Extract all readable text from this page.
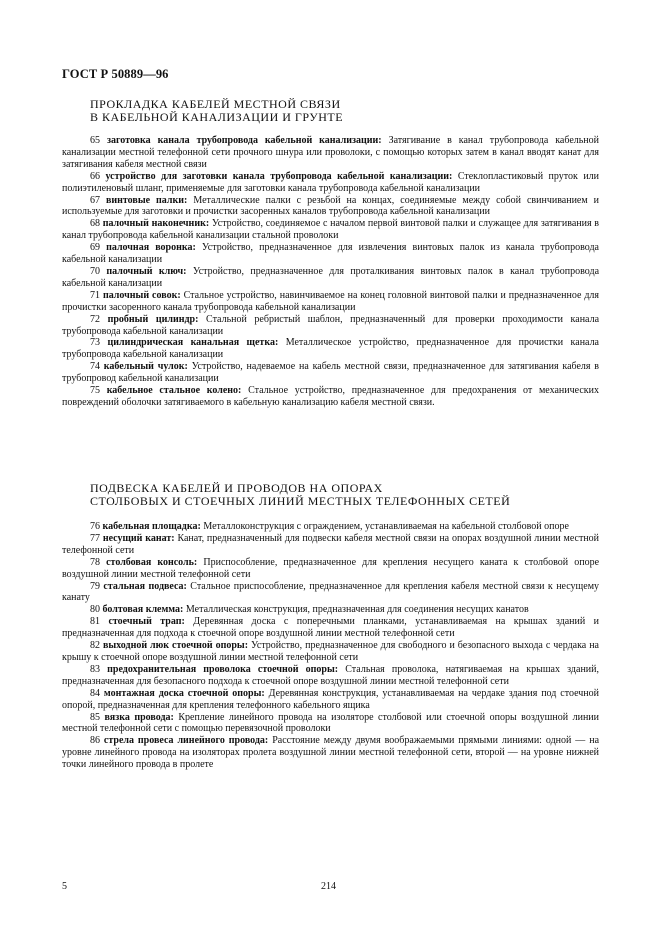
ГОСТ Р 50889—96

ПРОКЛАДКА КАБЕЛЕЙ МЕСТНОЙ СВЯЗИ
В КАБЕЛЬНОЙ КАНАЛИЗАЦИИ И ГРУНТЕ

65 заготовка канала трубопровода кабельной канализации: Затягивание в канал трубопровода кабельной канализации местной телефонной сети прочного шнура или проволоки, с помощью которых затем в канал вводят канат для затягивания кабеля местной связи

66 устройство для заготовки канала трубопровода кабельной канализации: Стеклопластиковый пруток или полиэтиленовый шланг, применяемые для заготовки канала трубопровода кабельной канализации

67 винтовые палки: Металлические палки с резьбой на концах, соединяемые между собой свинчиванием и используемые для заготовки и прочистки засоренных каналов трубопровода кабельной канализации

68 палочный наконечник: Устройство, соединяемое с началом первой винтовой палки и служащее для затягивания в канал трубопровода кабельной канализации стальной проволоки

69 палочная воронка: Устройство, предназначенное для извлечения винтовых палок из канала трубопровода кабельной канализации

70 палочный ключ: Устройство, предназначенное для проталкивания винтовых палок в канал трубопровода кабельной канализации

71 палочный совок: Стальное устройство, навинчиваемое на конец головной винтовой палки и предназначенное для прочистки засоренного канала трубопровода кабельной канализации

72 пробный цилиндр: Стальной ребристый шаблон, предназначенный для проверки проходимости канала трубопровода кабельной канализации

73 цилиндрическая канальная щетка: Металлическое устройство, предназначенное для прочистки канала трубопровода кабельной канализации

74 кабельный чулок: Устройство, надеваемое на кабель местной связи, предназначенное для затягивания кабеля в трубопровод кабельной канализации

75 кабельное стальное колено: Стальное устройство, предназначенное для предохранения от механических повреждений оболочки затягиваемого в кабельную канализацию кабеля местной связи.

ПОДВЕСКА КАБЕЛЕЙ И ПРОВОДОВ НА ОПОРАХ
СТОЛБОВЫХ И СТОЕЧНЫХ ЛИНИЙ МЕСТНЫХ ТЕЛЕФОННЫХ СЕТЕЙ

76 кабельная площадка: Металлоконструкция с ограждением, устанавливаемая на кабельной столбовой опоре

77 несущий канат: Канат, предназначенный для подвески кабеля местной связи на опорах воздушной линии местной телефонной сети

78 столбовая консоль: Приспособление, предназначенное для крепления несущего каната к столбовой опоре воздушной линии местной телефонной сети

79 стальная подвеса: Стальное приспособление, предназначенное для крепления кабеля местной связи к несущему канату

80 болтовая клемма: Металлическая конструкция, предназначенная для соединения несущих канатов

81 стоечный трап: Деревянная доска с поперечными планками, устанавливаемая на крышах зданий и предназначенная для подхода к стоечной опоре воздушной линии местной телефонной сети

82 выходной люк стоечной опоры: Устройство, предназначенное для свободного и безопасного выхода с чердака на крышу к стоечной опоре воздушной линии местной телефонной сети

83 предохранительная проволока стоечной опоры: Стальная проволока, натягиваемая на крышах зданий, предназначенная для безопасного подхода к стоечной опоре воздушной линии местной телефонной сети

84 монтажная доска стоечной опоры: Деревянная конструкция, устанавливаемая на чердаке здания под стоечной опорой, предназначенная для крепления телефонного кабельного ящика

85 вязка провода: Крепление линейного провода на изоляторе столбовой или стоечной опоры воздушной линии местной телефонной сети с помощью перевязочной проволоки

86 стрела провеса линейного провода: Расстояние между двумя воображаемыми прямыми линиями: одной — на уровне линейного провода на изоляторах пролета воздушной линии местной телефонной сети, второй — на уровне нижней точки линейного провода в пролете

5	214
